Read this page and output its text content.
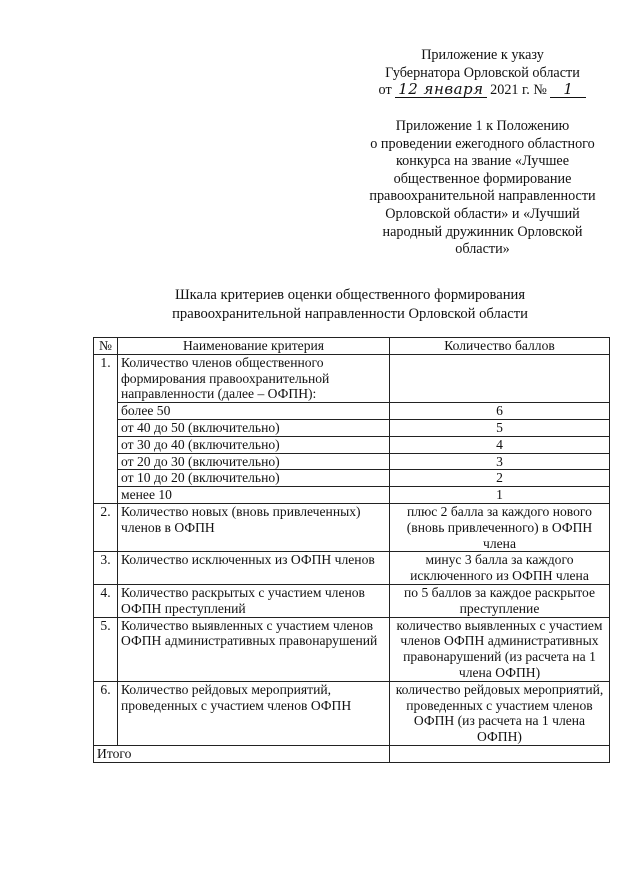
Приложение к указу
Губернатора Орловской области
от 12 января 2021 г. № 1
Приложение 1 к Положению
о проведении ежегодного областного
конкурса на звание «Лучшее
общественное формирование
правоохранительной направленности
Орловской области» и «Лучший
народный дружинник Орловской
области»
Шкала критериев оценки общественного формирования
правоохранительной направленности Орловской области
№	Наименование критерия	Количество баллов
1.	Количество членов общественного формирования правоохранительной направленности (далее – ОФПН):	
	более 50	6
	от 40 до 50 (включительно)	5
	от 30 до 40 (включительно)	4
	от 20 до 30 (включительно)	3
	от 10 до 20 (включительно)	2
	менее 10	1
2.	Количество новых (вновь привлеченных) членов в ОФПН	плюс 2 балла за каждого нового (вновь привлеченного) в ОФПН члена
3.	Количество исключенных из ОФПН членов	минус 3 балла за каждого исключенного из ОФПН члена
4.	Количество раскрытых с участием членов ОФПН преступлений	по 5 баллов за каждое раскрытое преступление
5.	Количество выявленных с участием членов ОФПН административных правонарушений	количество выявленных с участием членов ОФПН административных правонарушений (из расчета на 1 члена ОФПН)
6.	Количество рейдовых мероприятий, проведенных с участием членов ОФПН	количество рейдовых мероприятий, проведенных с участием членов ОФПН (из расчета на 1 члена ОФПН)
Итого		
